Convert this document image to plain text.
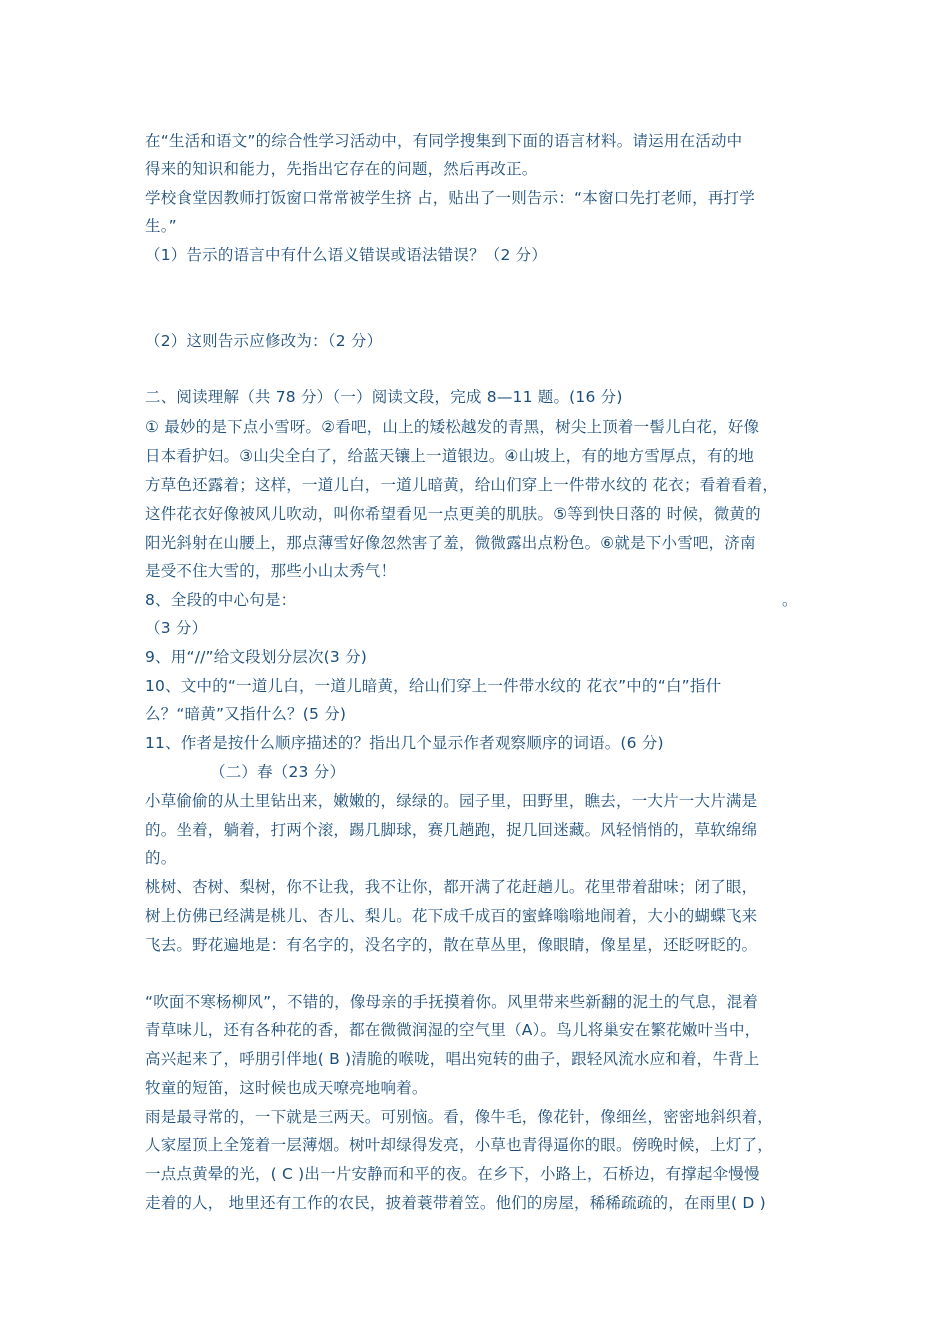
在“生活和语文”的综合性学习活动中，有同学搜集到下面的语言材料。请运用在活动中

得来的知识和能力，先指出它存在的问题，然后再改正。

学校食堂因教师打饭窗口常常被学生挤 占，贴出了一则告示：“本窗口先打老师，再打学

生。”

（1）告示的语言中有什么语义错误或语法错误？（2 分）

（2）这则告示应修改为：（2 分）

二、阅读理解（共 78 分）（一）阅读文段，完成 8—11 题。(16 分)

① 最妙的是下点小雪呀。②看吧，山上的矮松越发的青黑，树尖上顶着一髻儿白花，好像

日本看护妇。③山尖全白了，给蓝天镶上一道银边。④山坡上，有的地方雪厚点，有的地

方草色还露着；这样，一道儿白，一道儿暗黄，给山们穿上一件带水纹的 花衣；看着看着，

这件花衣好像被风儿吹动，叫你希望看见一点更美的肌肤。⑤等到快日落的 时候，微黄的

阳光斜射在山腰上，那点薄雪好像忽然害了羞，微微露出点粉色。⑥就是下小雪吧，济南

是受不住大雪的，那些小山太秀气！

8、全段的中心句是：	。

（3 分）

9、用“//”给文段划分层次(3 分)

10、文中的“一道儿白，一道儿暗黄，给山们穿上一件带水纹的 花衣”中的“白”指什

么？“暗黄”又指什么？(5 分)

11、作者是按什么顺序描述的？指出几个显示作者观察顺序的词语。(6 分)

（二）春（23 分）

小草偷偷的从土里钻出来，嫩嫩的，绿绿的。园子里，田野里，瞧去，一大片一大片满是

的。坐着，躺着，打两个滚，踢几脚球，赛几趟跑，捉几回迷藏。风轻悄悄的，草软绵绵

的。

桃树、杏树、梨树，你不让我，我不让你，都开满了花赶趟儿。花里带着甜味；闭了眼，

树上仿佛已经满是桃儿、杏儿、梨儿。花下成千成百的蜜蜂嗡嗡地闹着，大小的蝴蝶飞来

飞去。野花遍地是：有名字的，没名字的，散在草丛里，像眼睛，像星星，还眨呀眨的。

“吹面不寒杨柳风”，不错的，像母亲的手抚摸着你。风里带来些新翻的泥土的气息，混着

青草味儿，还有各种花的香，都在微微润湿的空气里（A）。鸟儿将巢安在繁花嫩叶当中，

高兴起来了，呼朋引伴地( B )清脆的喉咙，唱出宛转的曲子，跟轻风流水应和着，牛背上

牧童的短笛，这时候也成天嘹亮地响着。

雨是最寻常的，一下就是三两天。可别恼。看，像牛毛，像花针，像细丝，密密地斜织着，

人家屋顶上全笼着一层薄烟。树叶却绿得发亮，小草也青得逼你的眼。傍晚时候，上灯了，

一点点黄晕的光，( C )出一片安静而和平的夜。在乡下，小路上，石桥边，有撑起伞慢慢

走着的人， 地里还有工作的农民，披着蓑带着笠。他们的房屋，稀稀疏疏的，在雨里( D )
